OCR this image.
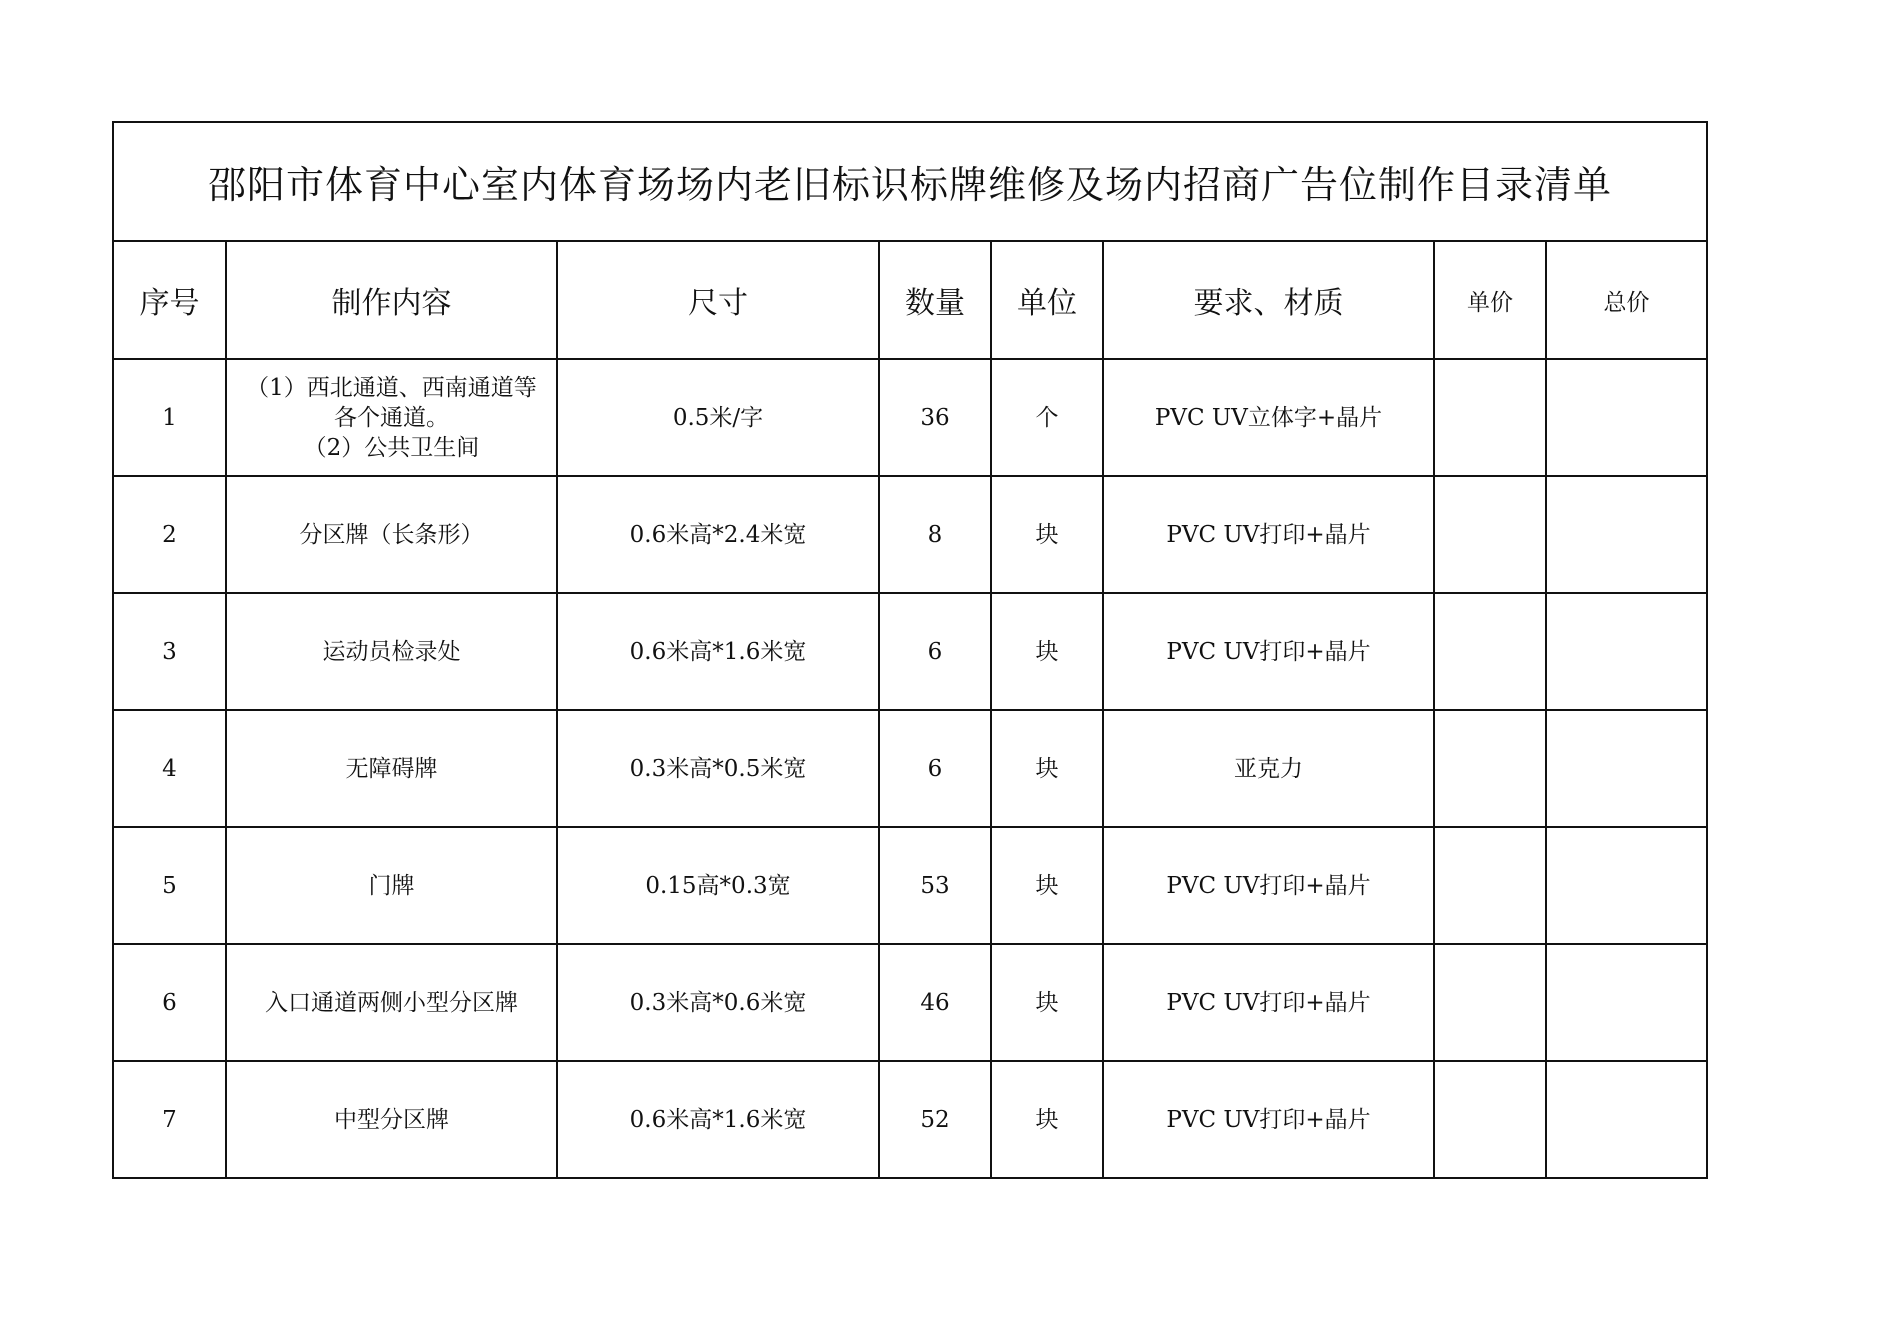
邵阳市体育中心室内体育场场内老旧标识标牌维修及场内招商广告位制作目录清单							
序号	制作内容	尺寸	数量	单位	要求、材质	单价	总价
1	（1）西北通道、西南通道等
各个通道。
（2）公共卫生间	0.5米/字	36	个	PVC UV立体字+晶片		
2	分区牌（长条形）	0.6米高*2.4米宽	8	块	PVC UV打印+晶片		
3	运动员检录处	0.6米高*1.6米宽	6	块	PVC UV打印+晶片		
4	无障碍牌	0.3米高*0.5米宽	6	块	亚克力		
5	门牌	0.15高*0.3宽	53	块	PVC UV打印+晶片		
6	入口通道两侧小型分区牌	0.3米高*0.6米宽	46	块	PVC UV打印+晶片		
7	中型分区牌	0.6米高*1.6米宽	52	块	PVC UV打印+晶片		
